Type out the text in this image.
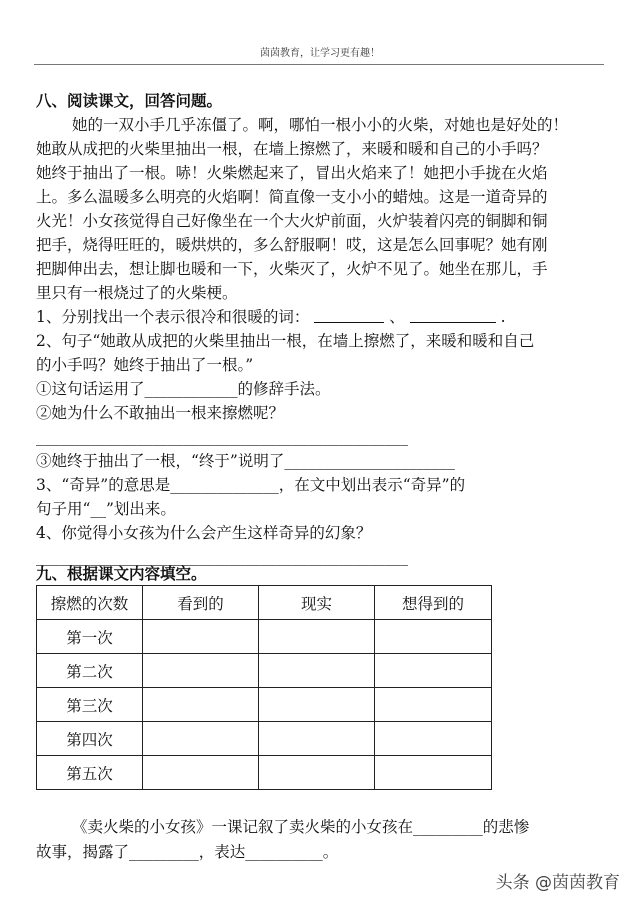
茵茵教育，让学习更有趣！
八、阅读课文，回答问题。
她的一双小手几乎冻僵了。啊，哪怕一根小小的火柴，对她也是好处的！
她敢从成把的火柴里抽出一根，在墙上擦燃了，来暖和暖和自己的小手吗？
她终于抽出了一根。哧！火柴燃起来了，冒出火焰来了！她把小手拢在火焰
上。多么温暖多么明亮的火焰啊！简直像一支小小的蜡烛。这是一道奇异的
火光！小女孩觉得自己好像坐在一个大火炉前面，火炉装着闪亮的铜脚和铜
把手，烧得旺旺的，暖烘烘的，多么舒服啊！哎，这是怎么回事呢？她有刚
把脚伸出去，想让脚也暖和一下，火柴灭了，火炉不见了。她坐在那儿，手
里只有一根烧过了的火柴梗。
1、分别找出一个表示很冷和很暖的词：	、	.
2、句子“她敢从成把的火柴里抽出一根，在墙上擦燃了，来暖和暖和自己
的小手吗？她终于抽出了一根。”
①这句话运用了____________的修辞手法。
②她为什么不敢抽出一根来擦燃呢？
________________________________________________
③她终于抽出了一根，“终于”说明了______________________
3、“奇异”的意思是______________，在文中划出表示“奇异”的
句子用“__”划出来。
4、你觉得小女孩为什么会产生这样奇异的幻象？
________________________________________________
九、根据课文内容填空。
擦燃的次数	看到的	现实	想得到的
第一次			
第二次			
第三次			
第四次			
第五次			
《卖火柴的小女孩》一课记叙了卖火柴的小女孩在_________的悲惨
故事，揭露了_________，表达__________。
头条 @茵茵教育
